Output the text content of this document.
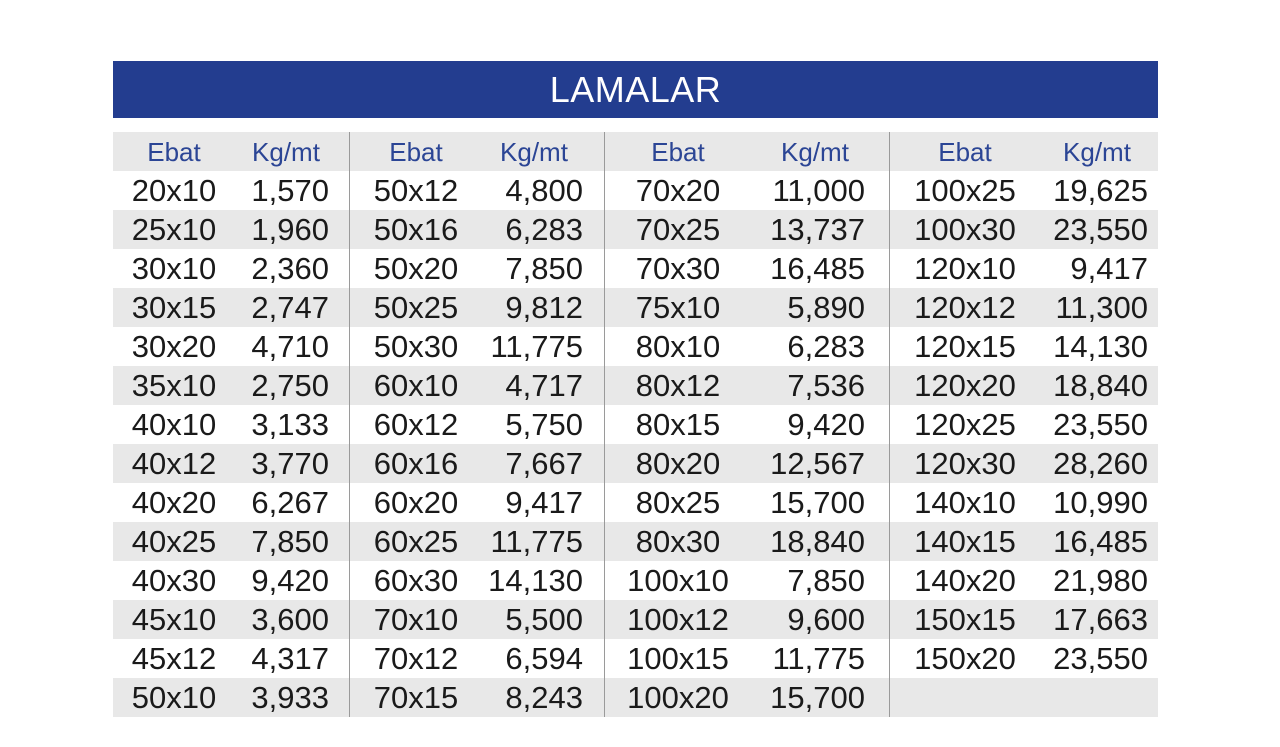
LAMALAR
Ebat	Kg/mt	Ebat	Kg/mt	Ebat	Kg/mt	Ebat	Kg/mt
20x10	1,570 50x12	4,800	70x20	11,000 100x25	19,625
25x10	1,960 50x16	6,283	70x25	13,737 100x30	23,550
30x10	2,360 50x20	7,850	70x30	16,485 120x10	9,417
30x15	2,747 50x25	9,812	75x10	5,890 120x12	11,300
30x20	4,710 50x30	11,775	80x10	6,283 120x15	14,130
35x10	2,750 60x10	4,717	80x12	7,536 120x20	18,840
40x10	3,133 60x12	5,750	80x15	9,420 120x25	23,550
40x12	3,770 60x16	7,667	80x20	12,567 120x30	28,260
40x20	6,267 60x20	9,417	80x25	15,700 140x10	10,990
40x25	7,850 60x25	11,775	80x30	18,840 140x15	16,485
40x30	9,420 60x30 14,130 100x10	7,850 140x20	21,980
45x10	3,600 70x10	5,500 100x12	9,600 150x15	17,663
45x12	4,317 70x12	6,594 100x15	11,775 150x20	23,550
50x10	3,933 70x15	8,243 100x20	15,700
